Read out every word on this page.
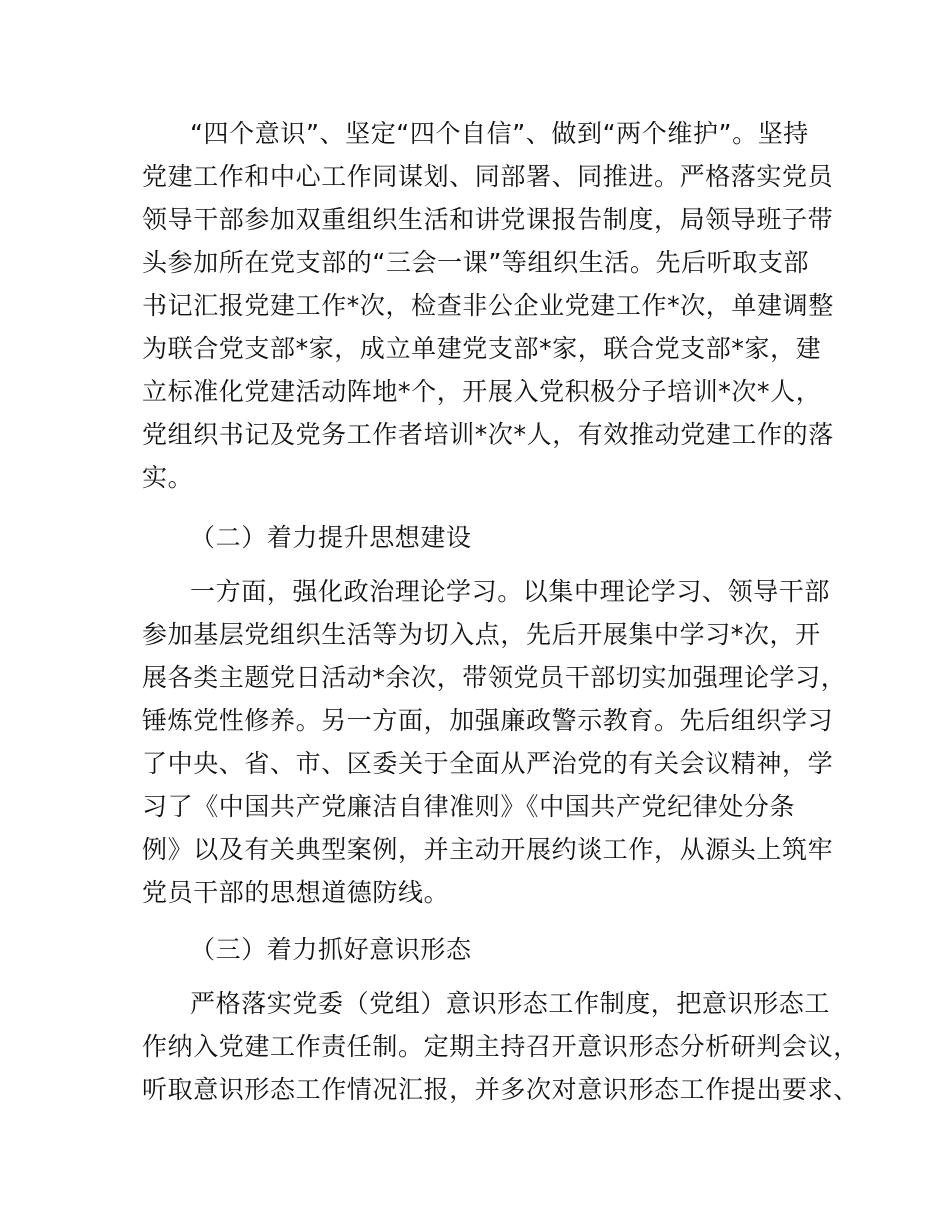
“四个意识”、坚定“四个自信”、做到“两个维护”。坚持
党建工作和中心工作同谋划、同部署、同推进。严格落实党员
领导干部参加双重组织生活和讲党课报告制度，局领导班子带
头参加所在党支部的“三会一课”等组织生活。先后听取支部
书记汇报党建工作*次，检查非公企业党建工作*次，单建调整
为联合党支部*家，成立单建党支部*家，联合党支部*家，建
立标准化党建活动阵地*个，开展入党积极分子培训*次*人，
党组织书记及党务工作者培训*次*人，有效推动党建工作的落
实。
（二）着力提升思想建设
一方面，强化政治理论学习。以集中理论学习、领导干部
参加基层党组织生活等为切入点，先后开展集中学习*次，开
展各类主题党日活动*余次，带领党员干部切实加强理论学习，
锤炼党性修养。另一方面，加强廉政警示教育。先后组织学习
了中央、省、市、区委关于全面从严治党的有关会议精神，学
习了《中国共产党廉洁自律准则》《中国共产党纪律处分条
例》以及有关典型案例，并主动开展约谈工作，从源头上筑牢
党员干部的思想道德防线。
（三）着力抓好意识形态
严格落实党委（党组）意识形态工作制度，把意识形态工
作纳入党建工作责任制。定期主持召开意识形态分析研判会议，
听取意识形态工作情况汇报，并多次对意识形态工作提出要求、
